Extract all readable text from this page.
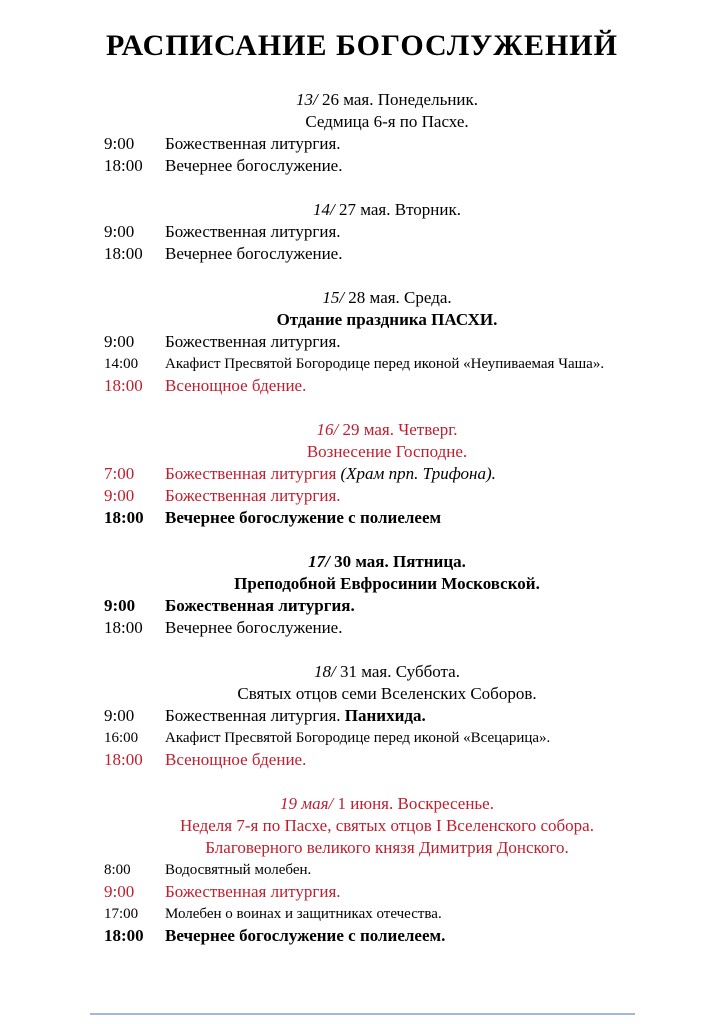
РАСПИСАНИЕ БОГОСЛУЖЕНИЙ
13/ 26 мая. Понедельник.
Седмица 6-я по Пасхе.
9:00	Божественная литургия.
18:00	Вечернее богослужение.
14/ 27 мая. Вторник.
9:00	Божественная литургия.
18:00	Вечернее богослужение.
15/ 28 мая. Среда.
Отдание праздника ПАСХИ.
9:00	Божественная литургия.
14:00	Акафист Пресвятой Богородице перед иконой «Неупиваемая Чаша».
18:00	Всенощное бдение.
16/ 29 мая. Четверг.
Вознесение Господне.
7:00	Божественная литургия (Храм прп. Трифона).
9:00	Божественная литургия.
18:00	Вечернее богослужение с полиелеем
17/ 30 мая. Пятница.
Преподобной Евфросинии Московской.
9:00	Божественная литургия.
18:00	Вечернее богослужение.
18/ 31 мая. Суббота.
Святых отцов семи Вселенских Соборов.
9:00	Божественная литургия. Панихида.
16:00	Акафист Пресвятой Богородице перед иконой «Всецарица».
18:00	Всенощное бдение.
19 мая/ 1 июня. Воскресенье.
Неделя 7-я по Пасхе, святых отцов I Вселенского собора.
Благоверного великого князя Димитрия Донского.
8:00	Водосвятный молебен.
9:00	Божественная литургия.
17:00	Молебен о воинах и защитниках отечества.
18:00	Вечернее богослужение с полиелеем.
